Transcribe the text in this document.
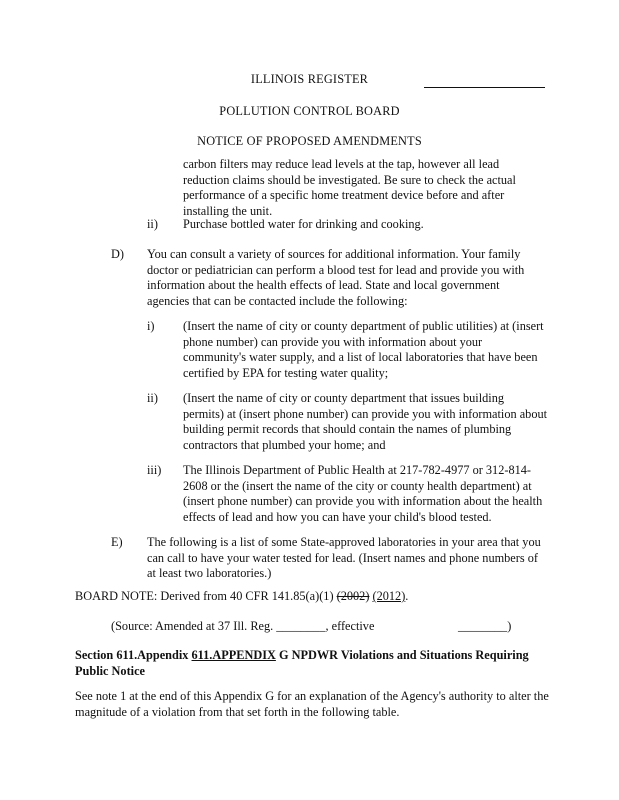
ILLINOIS REGISTER
POLLUTION CONTROL BOARD
NOTICE OF PROPOSED AMENDMENTS
carbon filters may reduce lead levels at the tap, however all lead reduction claims should be investigated. Be sure to check the actual performance of a specific home treatment device before and after installing the unit.
ii) Purchase bottled water for drinking and cooking.
D) You can consult a variety of sources for additional information. Your family doctor or pediatrician can perform a blood test for lead and provide you with information about the health effects of lead. State and local government agencies that can be contacted include the following:
i) (Insert the name of city or county department of public utilities) at (insert phone number) can provide you with information about your community's water supply, and a list of local laboratories that have been certified by EPA for testing water quality;
ii) (Insert the name of city or county department that issues building permits) at (insert phone number) can provide you with information about building permit records that should contain the names of plumbing contractors that plumbed your home; and
iii) The Illinois Department of Public Health at 217-782-4977 or 312-814-2608 or the (insert the name of the city or county health department) at (insert phone number) can provide you with information about the health effects of lead and how you can have your child's blood tested.
E) The following is a list of some State-approved laboratories in your area that you can call to have your water tested for lead. (Insert names and phone numbers of at least two laboratories.)
BOARD NOTE: Derived from 40 CFR 141.85(a)(1) (2002) (2012).
(Source: Amended at 37 Ill. Reg. ________, effective	________)
Section 611.Appendix 611.APPENDIX G NPDWR Violations and Situations Requiring Public Notice
See note 1 at the end of this Appendix G for an explanation of the Agency's authority to alter the magnitude of a violation from that set forth in the following table.
